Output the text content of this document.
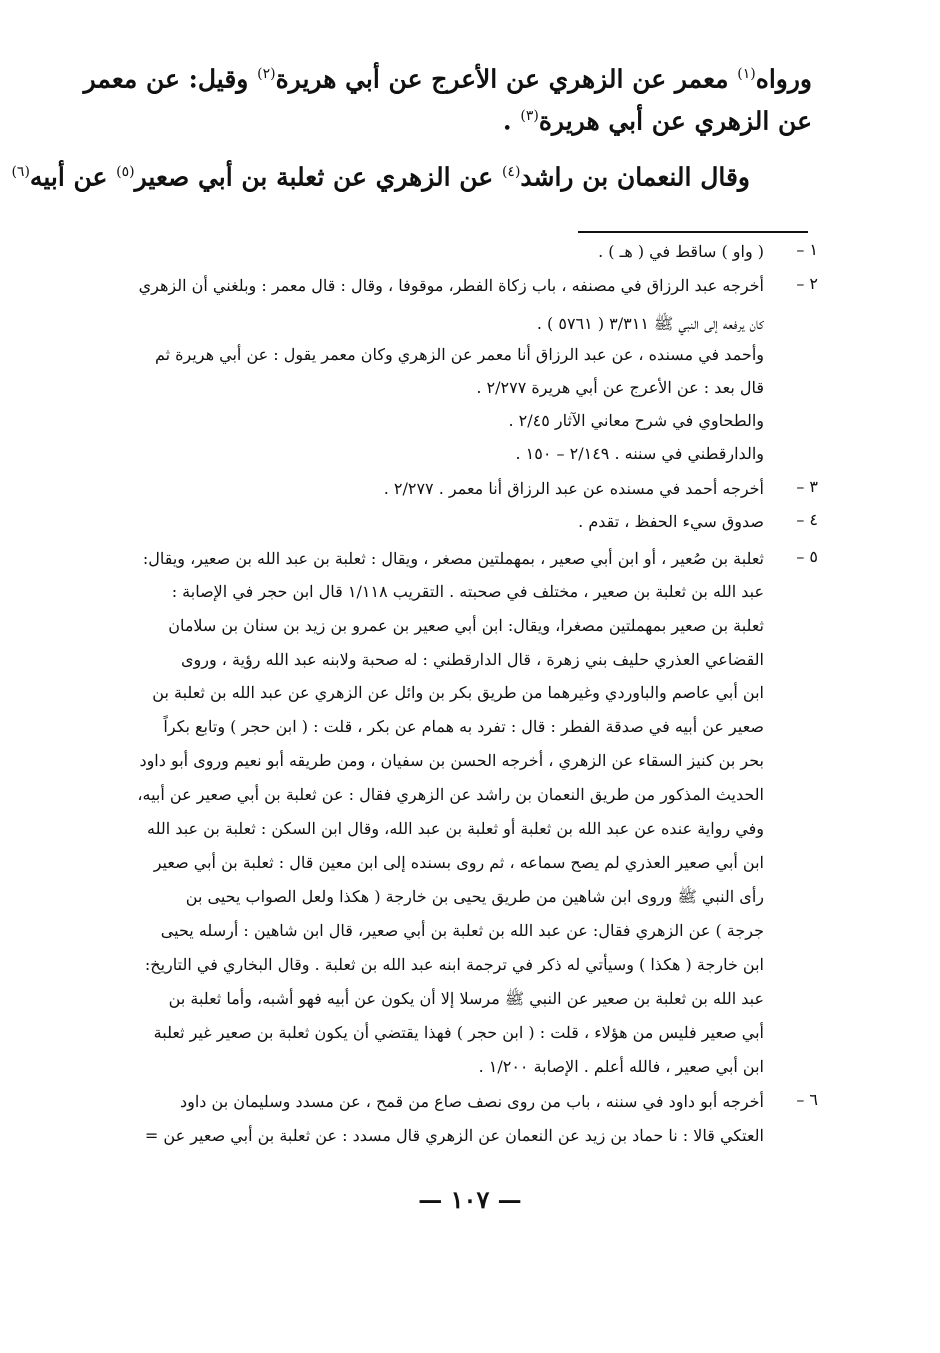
ورواه$^{(١)}$ معمر عن الزهري عن الأعرج عن أبي هريرة$^{(٢)}$ وقيل: عن معمر
عن الزهري عن أبي هريرة$^{(٣)}$ .
وقال النعمان بن راشد$^{(٤)}$ عن الزهري عن ثعلبة بن أبي صعير$^{(٥)}$ عن أبيه$^{(٦)}$
١ –
( واو ) ساقط في ( هـ ) .
٢ –
أخرجه عبد الرزاق في مصنفه ، باب زكاة الفطر، موقوفا ، وقال : قال معمر : وبلغني أن الزهري
كان يرفعه إلى النبي ﷺ ٣/٣١١ ( ٥٧٦١ ) .
وأحمد في مسنده ، عن عبد الرزاق أنا معمر عن الزهري وكان معمر يقول : عن أبي هريرة ثم
قال بعد : عن الأعرج عن أبي هريرة ٢/٢٧٧ .
والطحاوي في شرح معاني الآثار ٢/٤٥ .
والدارقطني في سننه . ٢/١٤٩ – ١٥٠ .
٣ –
أخرجه أحمد في مسنده عن عبد الرزاق أنا معمر . ٢/٢٧٧ .
٤ –
صدوق سيء الحفظ ، تقدم .
٥ –
ثعلبة بن صُعير ، أو ابن أبي صعير ، بمهملتين مصغر ، ويقال : ثعلبة بن عبد الله بن صعير، ويقال:
عبد الله بن ثعلبة بن صعير ، مختلف في صحبته . التقريب ١/١١٨ قال ابن حجر في الإصابة :
ثعلبة بن صعير بمهملتين مصغرا، ويقال: ابن أبي صعير بن عمرو بن زيد بن سنان بن سلامان
القضاعي العذري حليف بني زهرة ، قال الدارقطني : له صحبة ولابنه عبد الله رؤية ، وروى
ابن أبي عاصم والباوردي وغيرهما من طريق بكر بن وائل عن الزهري عن عبد الله بن ثعلبة بن
صعير عن أبيه في صدقة الفطر : قال : تفرد به همام عن بكر ، قلت : ( ابن حجر ) وتابع بكراً
بحر بن كنيز السقاء عن الزهري ، أخرجه الحسن بن سفيان ، ومن طريقه أبو نعيم وروى أبو داود
الحديث المذكور من طريق النعمان بن راشد عن الزهري فقال : عن ثعلبة بن أبي صعير عن أبيه،
وفي رواية عنده عن عبد الله بن ثعلبة أو ثعلبة بن عبد الله، وقال ابن السكن : ثعلبة بن عبد الله
ابن أبي صعير العذري لم يصح سماعه ، ثم روى بسنده إلى ابن معين قال : ثعلبة بن أبي صعير
رأى النبي ﷺ وروى ابن شاهين من طريق يحيى بن خارجة ( هكذا ولعل الصواب يحيى بن
جرجة ) عن الزهري فقال: عن عبد الله بن ثعلبة بن أبي صعير، قال ابن شاهين : أرسله يحيى
ابن خارجة ( هكذا ) وسيأتي له ذكر في ترجمة ابنه عبد الله بن ثعلبة . وقال البخاري في التاريخ:
عبد الله بن ثعلبة بن صعير عن النبي ﷺ مرسلا إلا أن يكون عن أبيه فهو أشبه، وأما ثعلبة بن
أبي صعير فليس من هؤلاء ، قلت : ( ابن حجر ) فهذا يقتضي أن يكون ثعلبة بن صعير غير ثعلبة
ابن أبي صعير ، فالله أعلم . الإصابة ١/٢٠٠ .
٦ –
أخرجه أبو داود في سننه ، باب من روى نصف صاع من قمح ، عن مسدد وسليمان بن داود
العتكي قالا : نا حماد بن زيد عن النعمان عن الزهري قال مسدد : عن ثعلبة بن أبي صعير عن =
— ١٠٧ —
